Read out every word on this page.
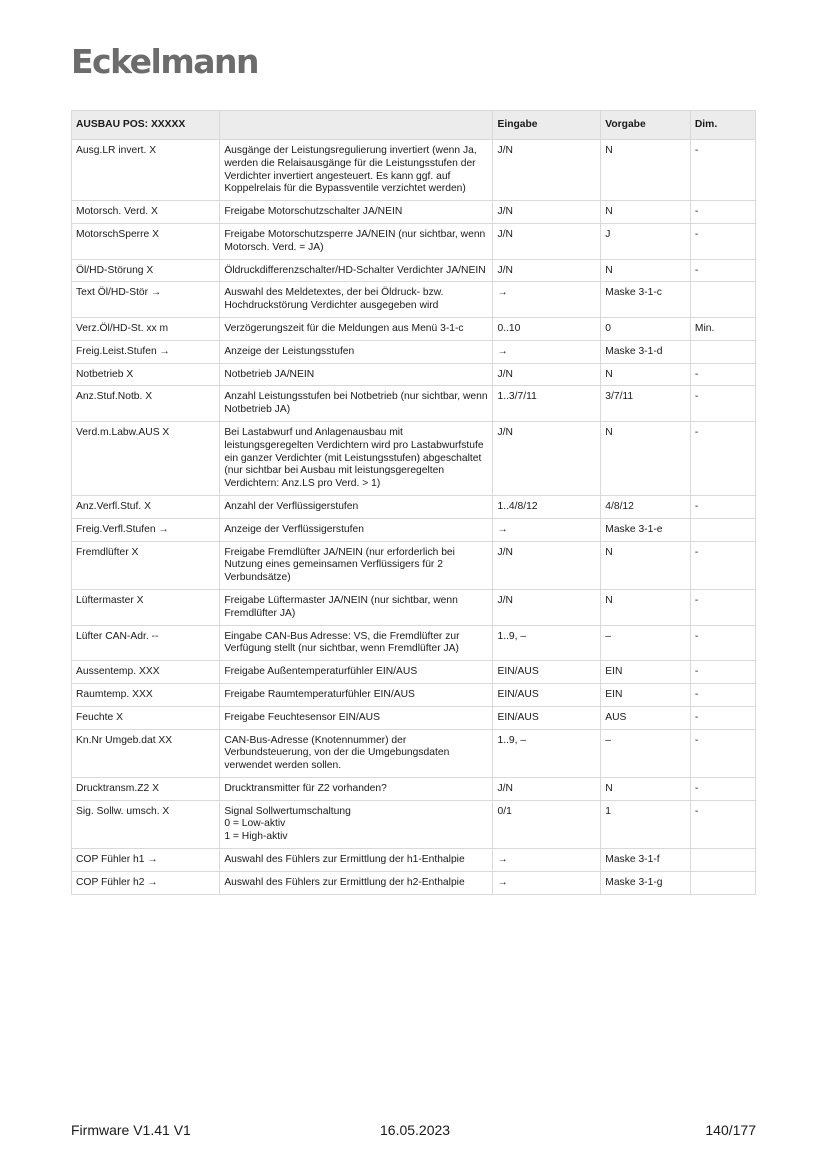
Eckelmann
AUSBAU POS: XXXXX		Eingabe	Vorgabe	Dim.
Ausg.LR invert. X	Ausgänge der Leistungsregulierung invertiert (wenn Ja, werden die Relaisausgänge für die Leistungsstufen der Verdichter invertiert angesteuert. Es kann ggf. auf Koppelrelais für die Bypassventile verzichtet werden)	J/N	N	-
Motorsch. Verd. X	Freigabe Motorschutzschalter JA/NEIN	J/N	N	-
MotorschSperre X	Freigabe Motorschutzsperre JA/NEIN (nur sichtbar, wenn Motorsch. Verd. = JA)	J/N	J	-
Öl/HD-Störung X	Öldruckdifferenzschalter/HD-Schalter Verdichter JA/NEIN	J/N	N	-
Text Öl/HD-Stör →	Auswahl des Meldetextes, der bei Öldruck- bzw. Hochdruckstörung Verdichter ausgegeben wird	→	Maske 3-1-c	
Verz.Öl/HD-St. xx m	Verzögerungszeit für die Meldungen aus Menü 3-1-c	0..10	0	Min.
Freig.Leist.Stufen →	Anzeige der Leistungsstufen	→	Maske 3-1-d	
Notbetrieb X	Notbetrieb JA/NEIN	J/N	N	-
Anz.Stuf.Notb. X	Anzahl Leistungsstufen bei Notbetrieb (nur sichtbar, wenn Notbetrieb JA)	1..3/7/11	3/7/11	-
Verd.m.Labw.AUS X	Bei Lastabwurf und Anlagenausbau mit leistungsgeregelten Verdichtern wird pro Lastabwurfstufe ein ganzer Verdichter (mit Leistungsstufen) abgeschaltet (nur sichtbar bei Ausbau mit leistungsgeregelten Verdichtern: Anz.LS pro Verd. > 1)	J/N	N	-
Anz.Verfl.Stuf. X	Anzahl der Verflüssigerstufen	1..4/8/12	4/8/12	-
Freig.Verfl.Stufen →	Anzeige der Verflüssigerstufen	→	Maske 3-1-e	
Fremdlüfter X	Freigabe Fremdlüfter JA/NEIN (nur erforderlich bei Nutzung eines gemeinsamen Verflüssigers für 2 Verbundsätze)	J/N	N	-
Lüftermaster X	Freigabe Lüftermaster JA/NEIN (nur sichtbar, wenn Fremdlüfter JA)	J/N	N	-
Lüfter CAN-Adr. --	Eingabe CAN-Bus Adresse: VS, die Fremdlüfter zur Verfügung stellt (nur sichtbar, wenn Fremdlüfter JA)	1..9, –	–	-
Aussentemp. XXX	Freigabe Außentemperaturfühler EIN/AUS	EIN/AUS	EIN	-
Raumtemp. XXX	Freigabe Raumtemperaturfühler EIN/AUS	EIN/AUS	EIN	-
Feuchte X	Freigabe Feuchtesensor EIN/AUS	EIN/AUS	AUS	-
Kn.Nr Umgeb.dat XX	CAN-Bus-Adresse (Knotennummer) der Verbundsteuerung, von der die Umgebungsdaten verwendet werden sollen.	1..9, –	–	-
Drucktransm.Z2 X	Drucktransmitter für Z2 vorhanden?	J/N	N	-
Sig. Sollw. umsch. X	Signal Sollwertumschaltung
0 = Low-aktiv
1 = High-aktiv	0/1	1	-
COP Fühler h1 →	Auswahl des Fühlers zur Ermittlung der h1-Enthalpie	→	Maske 3-1-f	
COP Fühler h2 →	Auswahl des Fühlers zur Ermittlung der h2-Enthalpie	→	Maske 3-1-g	
Firmware V1.41 V1	16.05.2023	140/177
